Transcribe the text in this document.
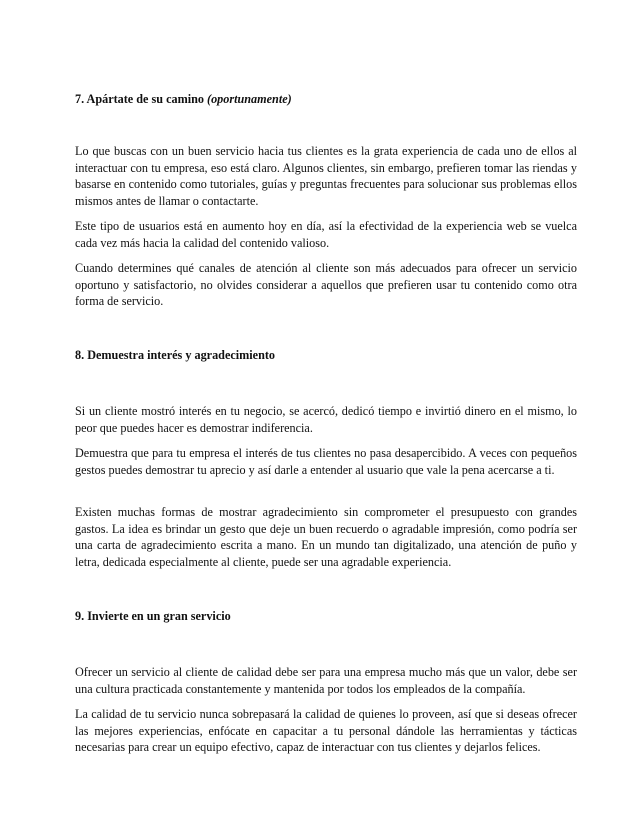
7. Apártate de su camino (oportunamente)

Lo que buscas con un buen servicio hacia tus clientes es la grata experiencia de cada uno de ellos al interactuar con tu empresa, eso está claro. Algunos clientes, sin embargo, prefieren tomar las riendas y basarse en contenido como tutoriales, guías y preguntas frecuentes para solucionar sus problemas ellos mismos antes de llamar o contactarte.

Este tipo de usuarios está en aumento hoy en día, así la efectividad de la experiencia web se vuelca cada vez más hacia la calidad del contenido valioso.

Cuando determines qué canales de atención al cliente son más adecuados para ofrecer un servicio oportuno y satisfactorio, no olvides considerar a aquellos que prefieren usar tu contenido como otra forma de servicio.

8. Demuestra interés y agradecimiento

Si un cliente mostró interés en tu negocio, se acercó, dedicó tiempo e invirtió dinero en el mismo, lo peor que puedes hacer es demostrar indiferencia.

Demuestra que para tu empresa el interés de tus clientes no pasa desapercibido. A veces con pequeños gestos puedes demostrar tu aprecio y así darle a entender al usuario que vale la pena acercarse a ti.

Existen muchas formas de mostrar agradecimiento sin comprometer el presupuesto con grandes gastos. La idea es brindar un gesto que deje un buen recuerdo o agradable impresión, como podría ser una carta de agradecimiento escrita a mano. En un mundo tan digitalizado, una atención de puño y letra, dedicada especialmente al cliente, puede ser una agradable experiencia.

9. Invierte en un gran servicio

Ofrecer un servicio al cliente de calidad debe ser para una empresa mucho más que un valor, debe ser una cultura practicada constantemente y mantenida por todos los empleados de la compañía.

La calidad de tu servicio nunca sobrepasará la calidad de quienes lo proveen, así que si deseas ofrecer las mejores experiencias, enfócate en capacitar a tu personal dándole las herramientas y tácticas necesarias para crear un equipo efectivo, capaz de interactuar con tus clientes y dejarlos felices.
